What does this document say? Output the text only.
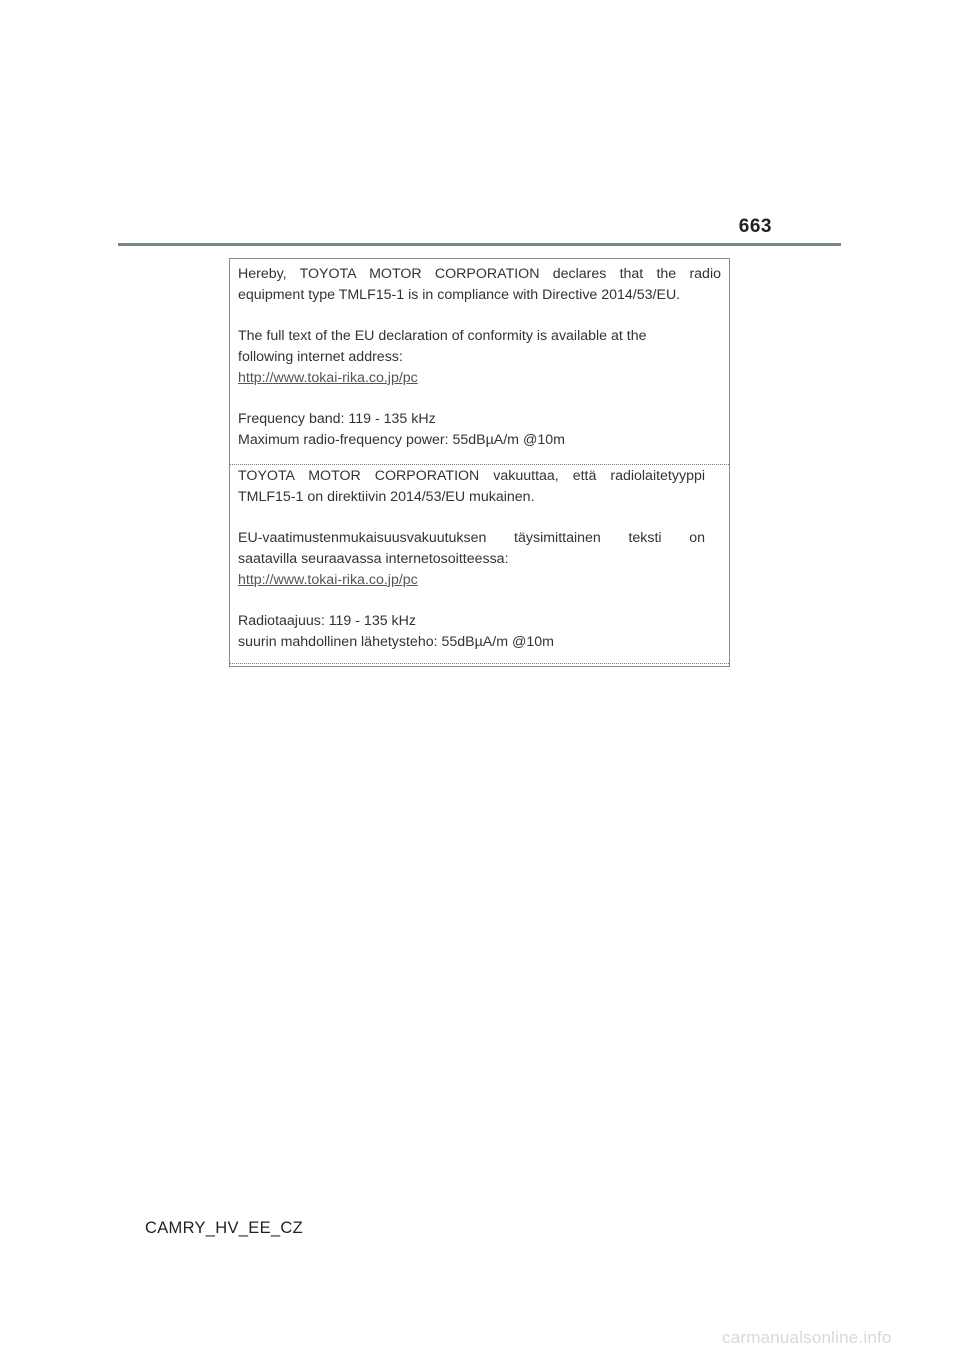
663

Hereby, TOYOTA MOTOR CORPORATION declares that the radio

equipment type TMLF15-1 is in compliance with Directive 2014/53/EU.

The full text of the EU declaration of conformity is available at the

following internet address:

http://www.tokai-rika.co.jp/pc

Frequency band: 119 - 135 kHz

Maximum radio-frequency power: 55dBµA/m @10m

TOYOTA MOTOR CORPORATION vakuuttaa, että radiolaitetyyppi

TMLF15-1 on direktiivin 2014/53/EU mukainen.

EU-vaatimustenmukaisuusvakuutuksen täysimittainen teksti on

saatavilla seuraavassa internetosoitteessa:

http://www.tokai-rika.co.jp/pc

Radiotaajuus: 119 - 135 kHz

suurin mahdollinen lähetysteho: 55dBµA/m @10m

CAMRY_HV_EE_CZ
carmanualsonline.info
